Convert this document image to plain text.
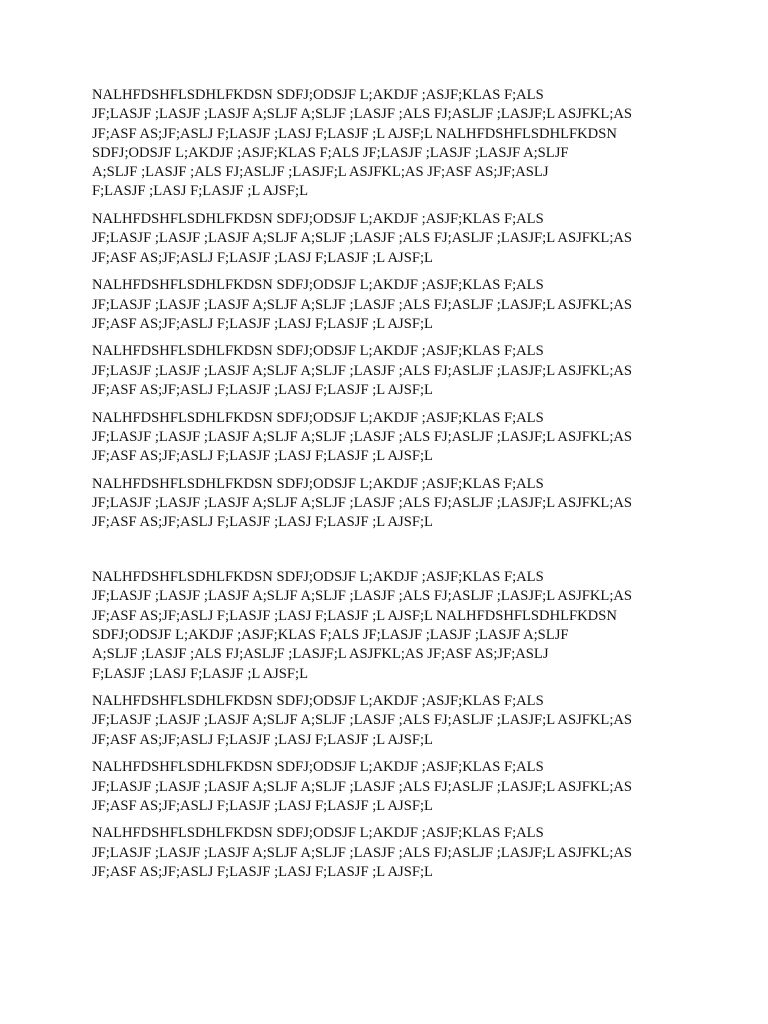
NALHFDSHFLSDHLFKDSN SDFJ;ODSJF L;AKDJF ;ASJF;KLAS F;ALS
JF;LASJF ;LASJF ;LASJF A;SLJF A;SLJF ;LASJF ;ALS FJ;ASLJF ;LASJF;L ASJFKL;AS
JF;ASF AS;JF;ASLJ F;LASJF ;LASJ F;LASJF ;L AJSF;L NALHFDSHFLSDHLFKDSN
SDFJ;ODSJF L;AKDJF ;ASJF;KLAS F;ALS JF;LASJF ;LASJF ;LASJF A;SLJF
A;SLJF ;LASJF ;ALS FJ;ASLJF ;LASJF;L ASJFKL;AS JF;ASF AS;JF;ASLJ
F;LASJF ;LASJ F;LASJF ;L AJSF;L

NALHFDSHFLSDHLFKDSN SDFJ;ODSJF L;AKDJF ;ASJF;KLAS F;ALS
JF;LASJF ;LASJF ;LASJF A;SLJF A;SLJF ;LASJF ;ALS FJ;ASLJF ;LASJF;L ASJFKL;AS
JF;ASF AS;JF;ASLJ F;LASJF ;LASJ F;LASJF ;L AJSF;L

NALHFDSHFLSDHLFKDSN SDFJ;ODSJF L;AKDJF ;ASJF;KLAS F;ALS
JF;LASJF ;LASJF ;LASJF A;SLJF A;SLJF ;LASJF ;ALS FJ;ASLJF ;LASJF;L ASJFKL;AS
JF;ASF AS;JF;ASLJ F;LASJF ;LASJ F;LASJF ;L AJSF;L

NALHFDSHFLSDHLFKDSN SDFJ;ODSJF L;AKDJF ;ASJF;KLAS F;ALS
JF;LASJF ;LASJF ;LASJF A;SLJF A;SLJF ;LASJF ;ALS FJ;ASLJF ;LASJF;L ASJFKL;AS
JF;ASF AS;JF;ASLJ F;LASJF ;LASJ F;LASJF ;L AJSF;L

NALHFDSHFLSDHLFKDSN SDFJ;ODSJF L;AKDJF ;ASJF;KLAS F;ALS
JF;LASJF ;LASJF ;LASJF A;SLJF A;SLJF ;LASJF ;ALS FJ;ASLJF ;LASJF;L ASJFKL;AS
JF;ASF AS;JF;ASLJ F;LASJF ;LASJ F;LASJF ;L AJSF;L

NALHFDSHFLSDHLFKDSN SDFJ;ODSJF L;AKDJF ;ASJF;KLAS F;ALS
JF;LASJF ;LASJF ;LASJF A;SLJF A;SLJF ;LASJF ;ALS FJ;ASLJF ;LASJF;L ASJFKL;AS
JF;ASF AS;JF;ASLJ F;LASJF ;LASJ F;LASJF ;L AJSF;L

NALHFDSHFLSDHLFKDSN SDFJ;ODSJF L;AKDJF ;ASJF;KLAS F;ALS
JF;LASJF ;LASJF ;LASJF A;SLJF A;SLJF ;LASJF ;ALS FJ;ASLJF ;LASJF;L ASJFKL;AS
JF;ASF AS;JF;ASLJ F;LASJF ;LASJ F;LASJF ;L AJSF;L NALHFDSHFLSDHLFKDSN
SDFJ;ODSJF L;AKDJF ;ASJF;KLAS F;ALS JF;LASJF ;LASJF ;LASJF A;SLJF
A;SLJF ;LASJF ;ALS FJ;ASLJF ;LASJF;L ASJFKL;AS JF;ASF AS;JF;ASLJ
F;LASJF ;LASJ F;LASJF ;L AJSF;L

NALHFDSHFLSDHLFKDSN SDFJ;ODSJF L;AKDJF ;ASJF;KLAS F;ALS
JF;LASJF ;LASJF ;LASJF A;SLJF A;SLJF ;LASJF ;ALS FJ;ASLJF ;LASJF;L ASJFKL;AS
JF;ASF AS;JF;ASLJ F;LASJF ;LASJ F;LASJF ;L AJSF;L

NALHFDSHFLSDHLFKDSN SDFJ;ODSJF L;AKDJF ;ASJF;KLAS F;ALS
JF;LASJF ;LASJF ;LASJF A;SLJF A;SLJF ;LASJF ;ALS FJ;ASLJF ;LASJF;L ASJFKL;AS
JF;ASF AS;JF;ASLJ F;LASJF ;LASJ F;LASJF ;L AJSF;L

NALHFDSHFLSDHLFKDSN SDFJ;ODSJF L;AKDJF ;ASJF;KLAS F;ALS
JF;LASJF ;LASJF ;LASJF A;SLJF A;SLJF ;LASJF ;ALS FJ;ASLJF ;LASJF;L ASJFKL;AS
JF;ASF AS;JF;ASLJ F;LASJF ;LASJ F;LASJF ;L AJSF;L
